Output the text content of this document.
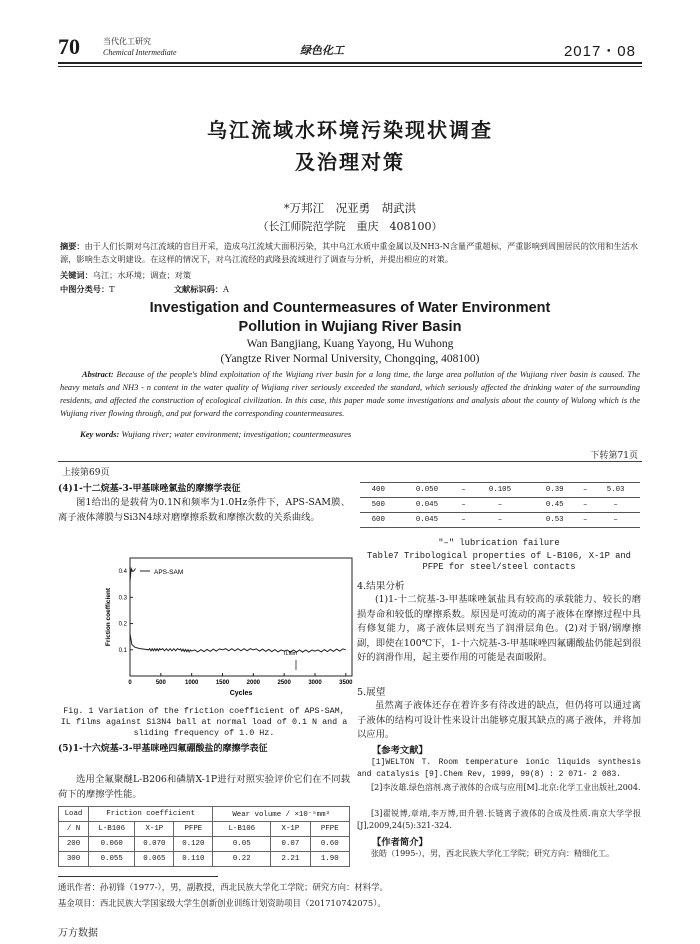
70	当代化工研究
Chemical Intermediate	绿色化工	2017・08
乌江流域水环境污染现状调查
及治理对策
*万邦江　况亚勇　胡武洪
（长江师院范学院　重庆　408100）
摘要：由于人们长期对乌江流域的盲目开采，造成乌江流域大面积污染，其中乌江水质中重金属以及NH3-N含量严重超标，严重影响到周围居民的饮用和生活水源，影响生态文明建设。在这样的情况下，对乌江流经的武隆县流域进行了调查与分析，并提出相应的对策。
关键词：乌江；水环境；调查；对策
中图分类号：T	文献标识码：A
Investigation and Countermeasures of Water Environment
Pollution in Wujiang River Basin
Wan Bangjiang, Kuang Yayong, Hu Wuhong
(Yangtze River Normal University, Chongqing, 408100)
Abstract: Because of the people's blind exploitation of the Wujiang river basin for a long time, the large area pollution of the Wujiang river basin is caused. The heavy metals and NH3 - n content in the water quality of Wujiang river seriously exceeded the standard, which seriously affected the drinking water of the surrounding residents, and affected the construction of ecological civilization. In this case, this paper made some investigations and analysis about the county of Wulong which is the Wujiang river flowing through, and put forward the corresponding countermeasures.
Key words: Wujiang river; water environment; investigation; countermeasures
下转第71页
上接第69页
(4)1-十二烷基-3-甲基咪唑氯盐的摩擦学表征
图1给出的是载荷为0.1N和频率为1.0Hz条件下，APS-SAM膜、离子液体薄膜与Si3N4球对磨摩擦系数和摩擦次数的关系曲线。
0.1
0.2
0.3
0.4
0	500	1000	1500	2000	2500	3000	3500
APS-SAM
ILfilm
Cycles
Friction coefficient
Fig. 1 Variation of the friction coefficient of APS-SAM, IL films against Si3N4 ball at normal load of 0.1 N and a sliding frequency of 1.0 Hz.
(5)1-十六烷基-3-甲基咪唑四氟硼酸盐的摩擦学表征
选用全氟聚醚L-B206和磷腈X-1P进行对照实验评价它们在不同载荷下的摩擦学性能。
Load	Friction coefficient			Wear volume / ×10⁻⁵mm³		
/ N	L-B106	X-1P	PFPE	L-B106	X-1P	PFPE
200	0.060	0.070	0.120	0.05	0.07	0.60
300	0.055	0.065	0.110	0.22	2.21	1.90
400	0.050	–	0.105	0.39	–	5.03
500	0.045	–	–	0.45	–	–
600	0.045	–	–	0.53	–	–
"–" lubrication failure
Table7 Tribological properties of L-B106, X-1P and PFPE for steel/steel contacts
4.结果分析
(1)1-十二烷基-3-甲基咪唑氯盐具有较高的承载能力、较长的磨损寿命和较低的摩擦系数。原因是可流动的离子液体在摩擦过程中具有修复能力，离子液体层则充当了润滑层角色。(2)对于钢/钢摩擦副，即使在100℃下，1-十六烷基-3-甲基咪唑四氟硼酸盐仍能起到很好的润滑作用，起主要作用的可能是表面吸附。
5.展望
虽然离子液体还存在着许多有待改进的缺点，但仍将可以通过离子液体的结构可设计性来设计出能够克服其缺点的离子液体，并将加以应用。
【参考文献】
[1]WELTON T. Room temperature ionic liquids synthesis and catalysis [9].Chem Rev, 1999, 99(8) : 2 071- 2 083.
[2]李汝雄.绿色溶剂.离子液体的合成与应用[M].北京:化学工业出版社,2004.
[3]翟锐博,章靖,李万博,田升碧.长链离子液体的合成及性质.南京大学学报[J],2009,24(5):321-324.
【作者简介】
张皓（1995-），男，西北民族大学化工学院；研究方向：精细化工。
通讯作者：孙初锋（1977-），男，副教授，西北民族大学化工学院；研究方向：材料学。
基金项目：西北民族大学国家级大学生创新创业训练计划资助项目（201710742075）。
万方数据
